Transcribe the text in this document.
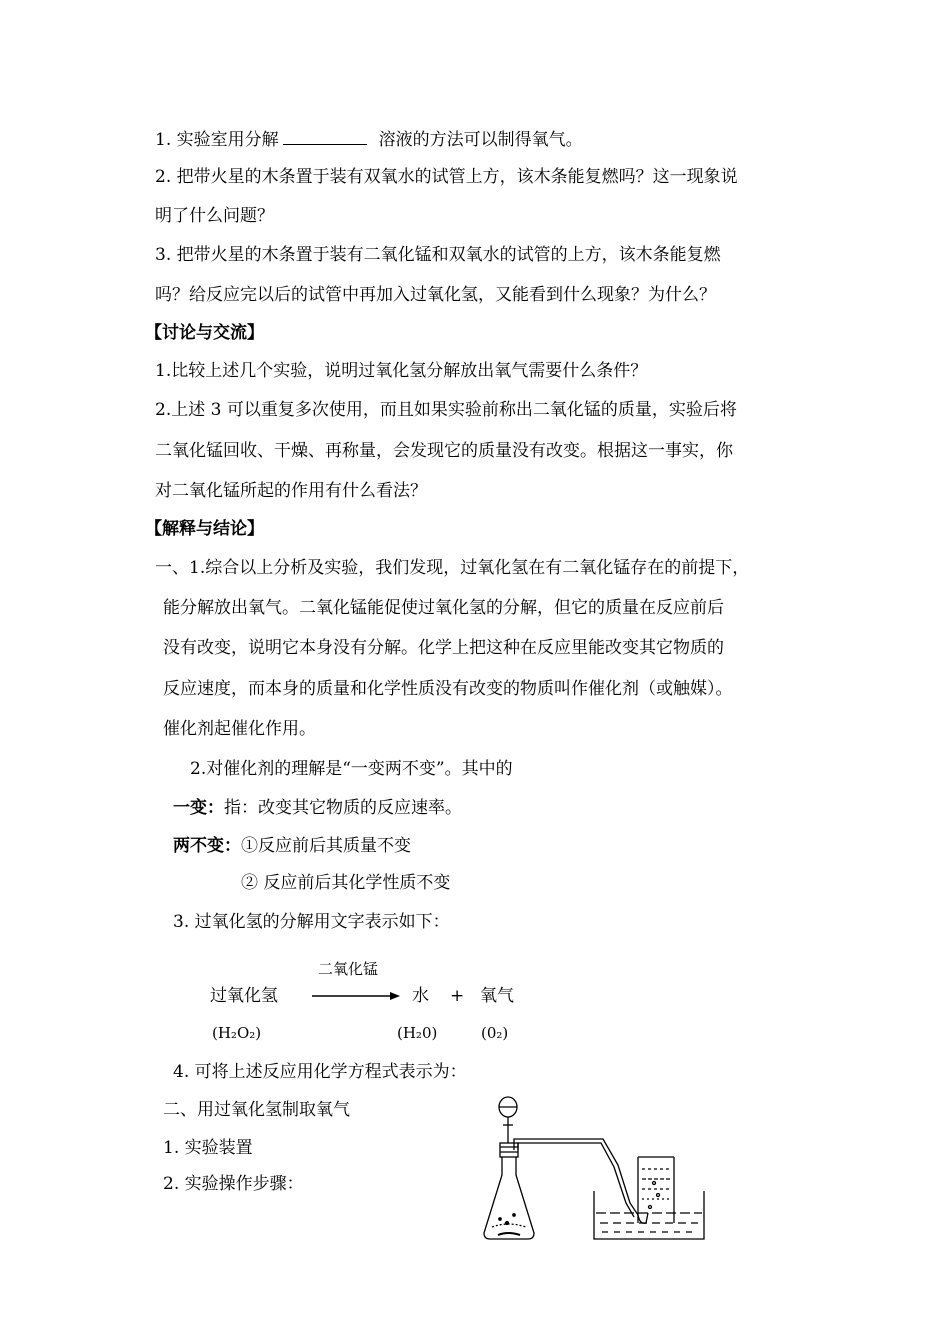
1. 实验室用分解	溶液的方法可以制得氧气。
2. 把带火星的木条置于装有双氧水的试管上方，该木条能复燃吗？这一现象说
明了什么问题？
3. 把带火星的木条置于装有二氧化锰和双氧水的试管的上方，该木条能复燃
吗？给反应完以后的试管中再加入过氧化氢，又能看到什么现象？为什么？
【讨论与交流】
1.比较上述几个实验，说明过氧化氢分解放出氧气需要什么条件？
2.上述 3 可以重复多次使用，而且如果实验前称出二氧化锰的质量，实验后将
二氧化锰回收、干燥、再称量，会发现它的质量没有改变。根据这一事实，你
对二氧化锰所起的作用有什么看法？
【解释与结论】
一、1.综合以上分析及实验，我们发现，过氧化氢在有二氧化锰存在的前提下，
能分解放出氧气。二氧化锰能促使过氧化氢的分解，但它的质量在反应前后
没有改变，说明它本身没有分解。化学上把这种在反应里能改变其它物质的
反应速度，而本身的质量和化学性质没有改变的物质叫作催化剂（或触媒）。
催化剂起催化作用。
2.对催化剂的理解是“一变两不变”。其中的
一变：指：改变其它物质的反应速率。
两不变：①反应前后其质量不变
② 反应前后其化学性质不变
3. 过氧化氢的分解用文字表示如下：
二氧化锰
过氧化氢	水 + 氧气
(H₂O₂)	(H₂0)	(0₂)
4. 可将上述反应用化学方程式表示为：
二、用过氧化氢制取氧气
1. 实验装置
2. 实验操作步骤：
